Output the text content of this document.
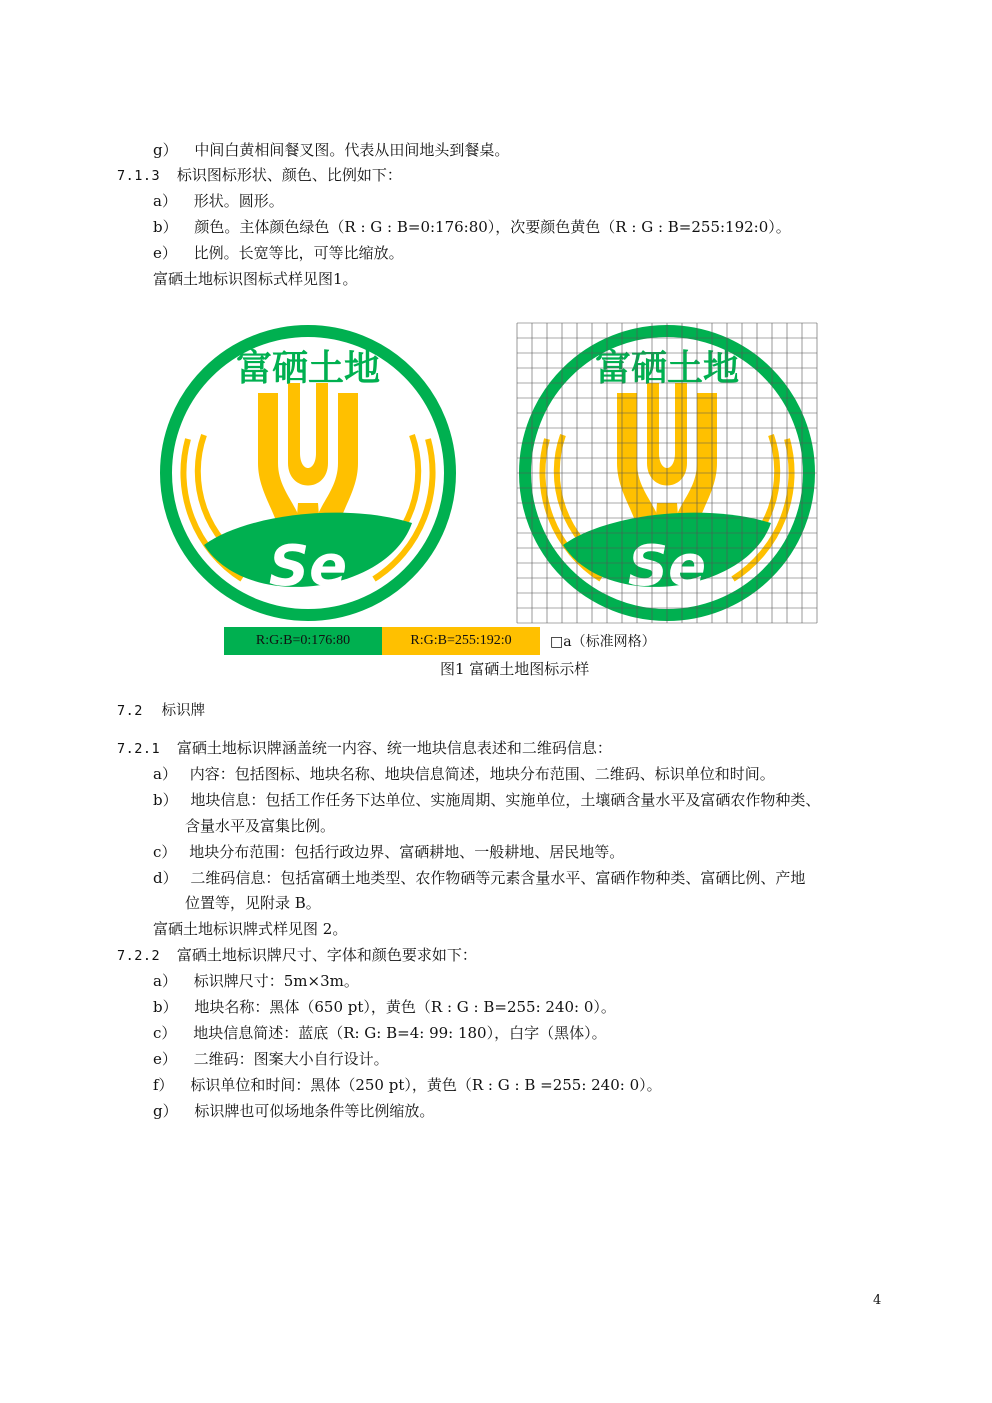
g） 中间白黄相间餐叉图。代表从田间地头到餐桌。
7.1.3 标识图标形状、颜色、比例如下：
a） 形状。圆形。
b） 颜色。主体颜色绿色（R : G : B=0:176:80），次要颜色黄色（R : G : B=255:192:0）。
e） 比例。长宽等比，可等比缩放。
富硒土地标识图标式样见图1。
富硒土地
Se
富硒土地
Se
R:G:B=0:176:80	R:G:B=255:192:0	□a（标准网格）
图1 富硒土地图标示样
7.2 标识牌
7.2.1 富硒土地标识牌涵盖统一内容、统一地块信息表述和二维码信息：
a） 内容：包括图标、地块名称、地块信息简述，地块分布范围、二维码、标识单位和时间。
b） 地块信息：包括工作任务下达单位、实施周期、实施单位，土壤硒含量水平及富硒农作物种类、
含量水平及富集比例。
c） 地块分布范围：包括行政边界、富硒耕地、一般耕地、居民地等。
d） 二维码信息：包括富硒土地类型、农作物硒等元素含量水平、富硒作物种类、富硒比例、产地
位置等，见附录 B。
富硒土地标识牌式样见图 2。
7.2.2 富硒土地标识牌尺寸、字体和颜色要求如下：
a） 标识牌尺寸：5m×3m。
b） 地块名称：黑体（650 pt），黄色（R : G : B=255: 240: 0）。
c） 地块信息简述：蓝底（R: G: B=4: 99: 180），白字（黑体）。
e） 二维码：图案大小自行设计。
f） 标识单位和时间：黑体（250 pt），黄色（R : G : B =255: 240: 0）。
g） 标识牌也可似场地条件等比例缩放。
4
